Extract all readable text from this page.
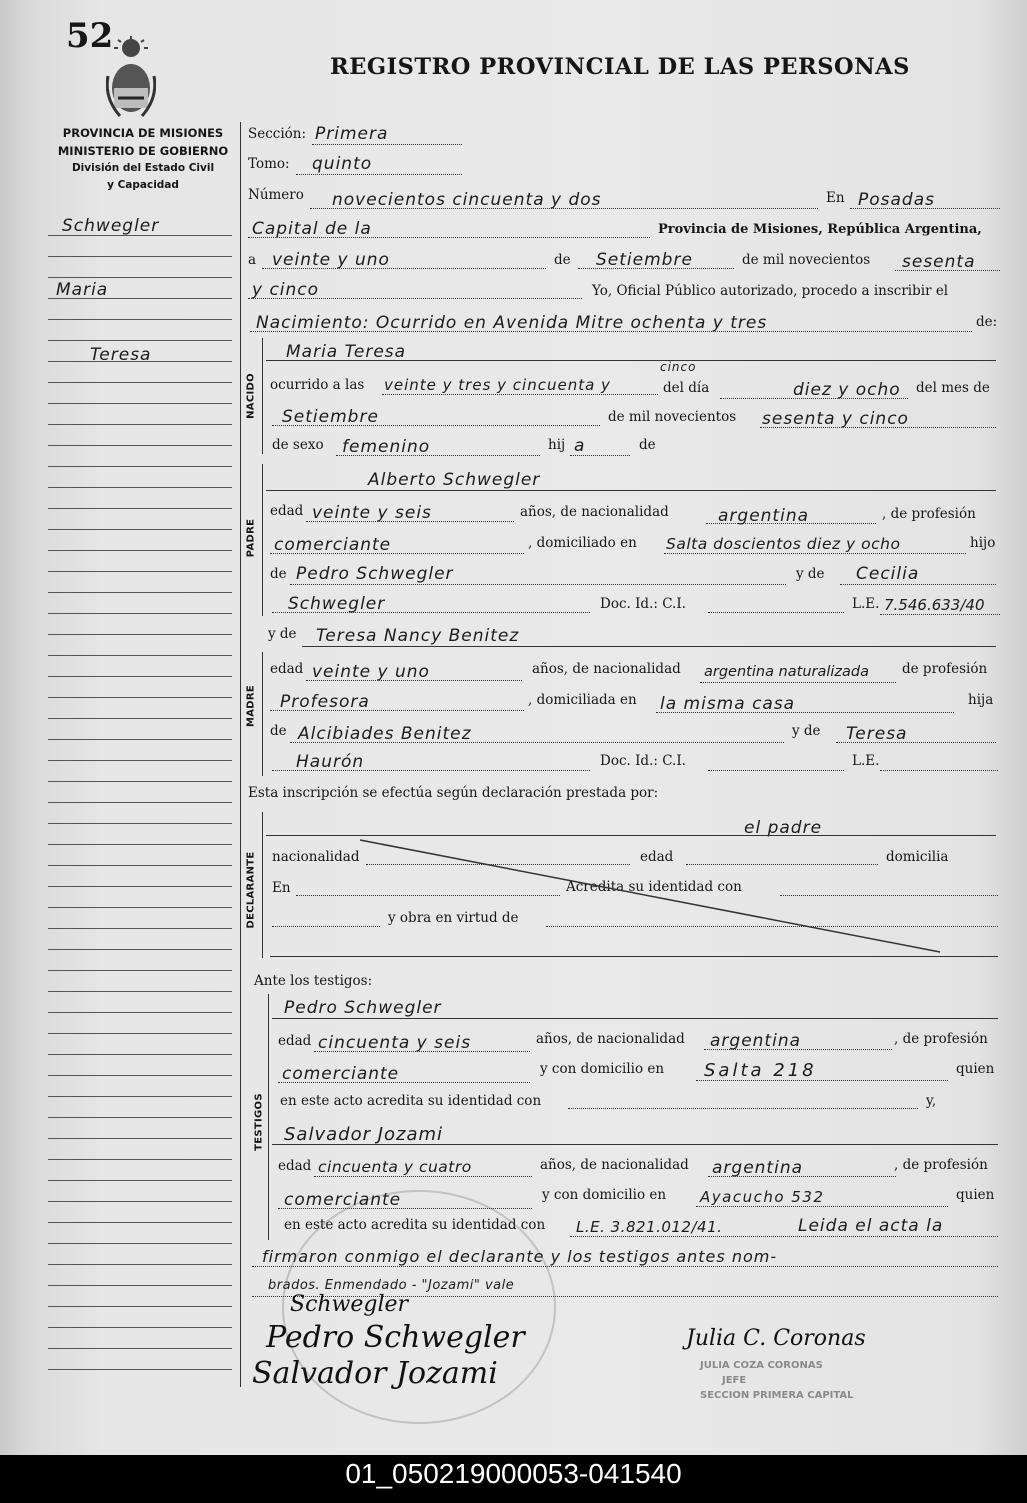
52
REGISTRO PROVINCIAL DE LAS PERSONAS
PROVINCIA DE MISIONES
MINISTERIO DE GOBIERNO
División del Estado Civil
y Capacidad
Schwegler
Maria
Teresa
Sección: Primera
Tomo: quinto
Número novecientos cincuenta y dos	En Posadas
Capital de la	Provincia de Misiones, República Argentina,
a veinte y uno	de Setiembre	de mil novecientos sesenta
y cinco	Yo, Oficial Público autorizado, procedo a inscribir el
Nacimiento: Ocurrido en Avenida Mitre ochenta y tres	de:
NACIDO
Maria Teresa
ocurrido a las veinte y tres y cincuenta y
cinco
del día	diez y ocho del mes de
Setiembre	de mil novecientos sesenta y cinco
de sexo femenino	hij a	de
PADRE
Alberto Schwegler
edad veinte y seis	años, de nacionalidad	argentina	, de profesión
comerciante	, domiciliado en Salta doscientos diez y ocho	hijo
de Pedro Schwegler	y de Cecilia
Schwegler	Doc. Id.: C.I.	L.E. 7.546.633/40
y de Teresa Nancy Benitez
MADRE
edad veinte y uno	años, de nacionalidad argentina naturalizada de profesión
Profesora	, domiciliada en la misma casa	hija
de Alcibiades Benitez	y de Teresa
Haurón	Doc. Id.: C.I.	L.E.
Esta inscripción se efectúa según declaración prestada por:
el padre
DECLARANTE nacionalidad	edad	domicilia
En	Acredita su identidad con
y obra en virtud de
Ante los testigos:
TESTIGOS
Pedro Schwegler
edad cincuenta y seis	años, de nacionalidad argentina	, de profesión
comerciante	y con domicilio en Salta 218	quien
en este acto acredita su identidad con	y,
Salvador Jozami
edad cincuenta y cuatro	años, de nacionalidad argentina	, de profesión
comerciante	y con domicilio en Ayacucho 532	quien
en este acto acredita su identidad con L.E. 3.821.012/41.	Leida el acta la
firmaron conmigo el declarante y los testigos antes nom-
brados. Enmendado - "Jozami" vale
Schwegler
Pedro Schwegler
Salvador Jozami
Julia C. Coronas
JULIA COZA CORONAS
JEFE
SECCION PRIMERA CAPITAL
01_050219000053-041540
